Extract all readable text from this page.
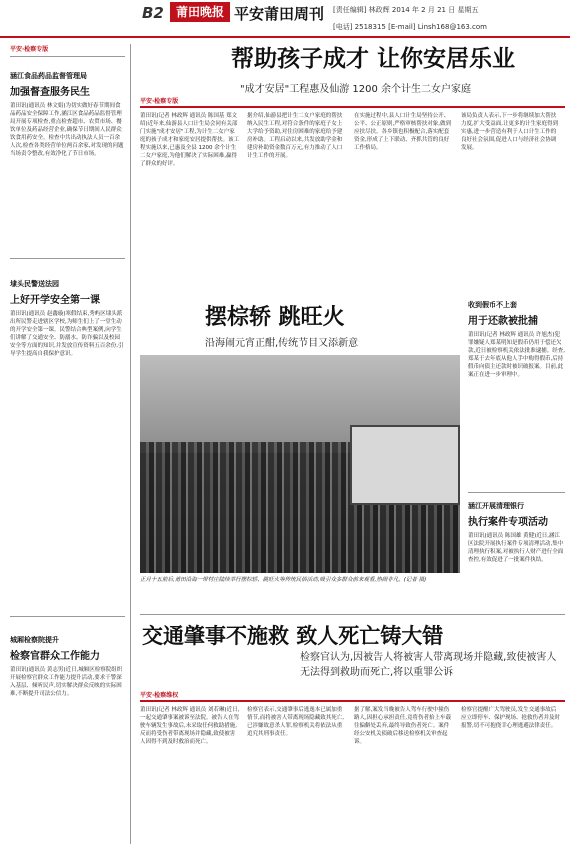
B2	莆田晚报 平安莆田周刊 [责任编辑] 林政辉 2014 年 2 月 21 日 星期五
[电话] 2518315 [E-mail] Linsh168@163.com
平安·检察专版
涵江食品药品监督管理局
加强督查服务民生
莆田讯(通讯员 林文娟)为切实做好春节期间食品药品安全保障工作,涵江区食品药品监督管理局开展专项检查,重点检查超市、农贸市场、餐饮单位及药品经营企业,确保节日期间人民群众饮食用药安全。检查中共出动执法人员一百余人次,检查各类经营单位两百余家,对发现的问题当场责令整改,有效净化了节日市场。
埭头民警送法园
上好开学安全第一课
莆田讯(通讯员 赵鑫璇)寒假结束,秀屿区埭头派出所民警走进辖区学校,为师生们上了一堂生动的开学安全第一课。民警结合典型案例,向学生们讲解了交通安全、防溺水、防诈骗以及校园安全等方面的知识,并发放宣传资料五百余份,引导学生提高自我保护意识。
城厢检察院提升
检察官群众工作能力
莆田讯(通讯员 黄志男)近日,城厢区检察院组织开展检察官群众工作能力提升活动,要求干警深入基层、倾听民声,切实解决群众反映的实际困难,不断提升司法公信力。
帮助孩子成才 让你安居乐业
平安·检察专版
"成才安居"工程惠及仙游 1200 余个计生二女户家庭
莆田讯(记者 林政辉 通讯员 陈国基 郑文绍)近年来,仙游县人口计生局会同有关部门实施"成才安居"工程,为计生二女户家庭的孩子成才和家庭安居提供帮扶。该工程实施以来,已惠及全县 1200 余个计生二女户家庭,为他们解决了实际困难,赢得了群众的好评。
据介绍,仙游县把计生二女户家庭的帮扶纳入民生工程,对符合条件的家庭子女上大学给予资助,对住房困难的家庭给予建房补助。工程启动以来,共发放助学金和建房补助资金数百万元,有力推动了人口计生工作的开展。
在实施过程中,县人口计生局坚持公开、公平、公正原则,严格审核帮扶对象,做到应扶尽扶。各乡镇也积极配合,落实配套资金,形成了上下联动、齐抓共管的良好工作格局。
该局负责人表示,下一步将继续加大帮扶力度,扩大受益面,让更多的计生家庭得到实惠,进一步营造有利于人口计生工作的良好社会氛围,促进人口与经济社会协调发展。
摆棕轿 跳旺火
沿海闹元宵正酣,传统节目又添新意
正月十五前后,莆田沿海一带村庄陆续举行摆棕轿、跳旺火等传统民俗活动,吸引众多群众前来观看,热闹非凡。(记者 摄)
收到假币不上套
用于还款被批捕
莆田讯(记者 林政辉 通讯员 许旭杰)犯罪嫌疑人郑某明知是假币仍用于偿还欠款,近日被检察机关依法批准逮捕。经查,郑某于去年底从他人手中购得假币,后持假币向债主还款时被识破报案。目前,此案正在进一步审理中。
涵江开展清理银行
执行案件专项活动
莆田讯(通讯员 陈国雄 黄健)近日,涵江区法院开展执行案件专项清理活动,集中清理执行积案,对被执行人财产进行全面查控,有效促进了一批案件执结。
交通肇事不施救 致人死亡铸大错
检察官认为,因被告人将被害人带离现场并隐藏,致使被害人无法得到救助而死亡,将以重罪公诉
平安·检察维权
莆田讯(记者 林政辉 通讯员 刘若琳)近日,一起交通肇事案被诉至法院。被告人在驾驶车辆发生事故后,未采取任何救助措施,反而将受伤者带离现场并隐藏,致使被害人因得不到及时救治而死亡。
检察官表示,交通肇事后逃逸本已属加重情节,而将被害人带离现场隐藏致其死亡,已涉嫌故意杀人罪,检察机关将依法从重追究其刑事责任。
据了解,案发当晚被告人驾车行驶中撞伤路人,因担心承担责任,竟将伤者抬上车载往偏僻处丢弃,最终导致伤者死亡。案件经公安机关侦破后移送检察机关审查起诉。
检察官提醒广大驾驶员,发生交通事故后应立即停车、保护现场、抢救伤者并及时报警,切不可抱侥幸心理逃避法律责任。
